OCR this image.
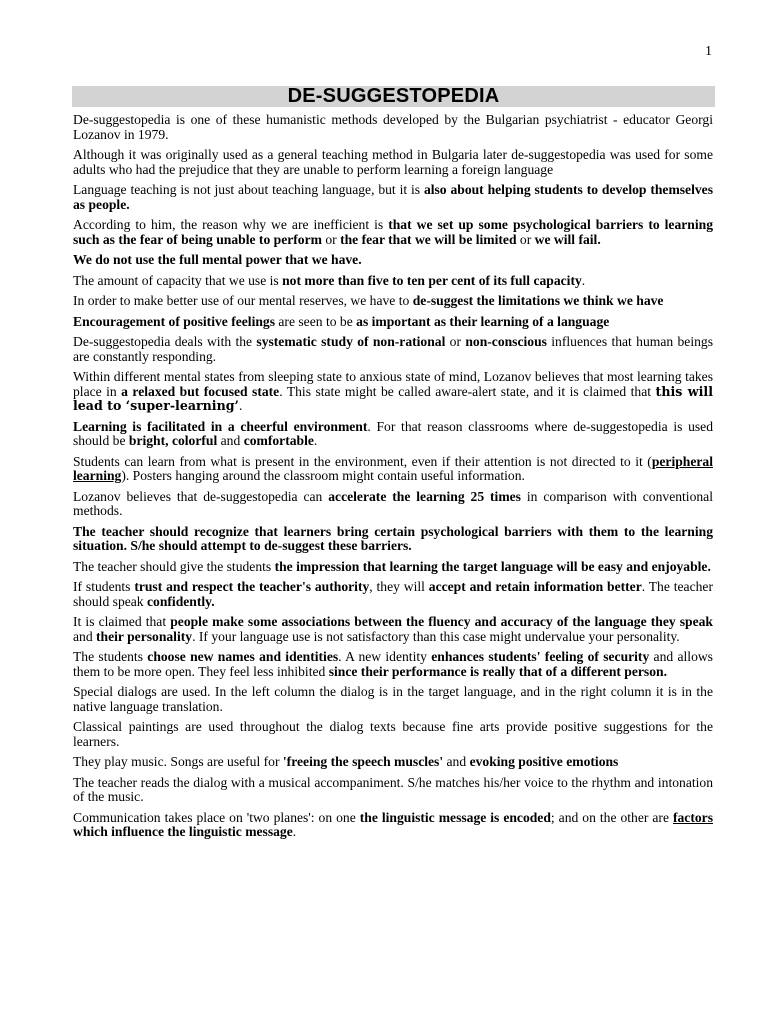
1
DE-SUGGESTOPEDIA

De-suggestopedia is one of these humanistic methods developed by the Bulgarian psychiatrist - educator Georgi Lozanov in 1979.

Although it was originally used as a general teaching method in Bulgaria later de-suggestopedia was used for some adults who had the prejudice that they are unable to perform learning a foreign language

Language teaching is not just about teaching language, but it is also about helping students to develop themselves as people.

According to him, the reason why we are inefficient is that we set up some psychological barriers to learning such as the fear of being unable to perform or the fear that we will be limited or we will fail.

We do not use the full mental power that we have.

The amount of capacity that we use is not more than five to ten per cent of its full capacity.

In order to make better use of our mental reserves, we have to de-suggest the limitations we think we have

Encouragement of positive feelings are seen to be as important as their learning of a language

De-suggestopedia deals with the systematic study of non-rational or non-conscious influences that human beings are constantly responding.

Within different mental states from sleeping state to anxious state of mind, Lozanov believes that most learning takes place in a relaxed but focused state. This state might be called aware-alert state, and it is claimed that this will lead to ‘super-learning’.

Learning is facilitated in a cheerful environment. For that reason classrooms where de-suggestopedia is used should be bright, colorful and comfortable.

Students can learn from what is present in the environment, even if their attention is not directed to it (peripheral learning). Posters hanging around the classroom might contain useful information.

Lozanov believes that de-suggestopedia can accelerate the learning 25 times in comparison with conventional methods.

The teacher should recognize that learners bring certain psychological barriers with them to the learning situation. S/he should attempt to de-suggest these barriers.

The teacher should give the students the impression that learning the target language will be easy and enjoyable.

If students trust and respect the teacher's authority, they will accept and retain information better. The teacher should speak confidently.

It is claimed that people make some associations between the fluency and accuracy of the language they speak and their personality. If your language use is not satisfactory than this case might undervalue your personality.

The students choose new names and identities. A new identity enhances students' feeling of security and allows them to be more open. They feel less inhibited since their performance is really that of a different person.

Special dialogs are used. In the left column the dialog is in the target language, and in the right column it is in the native language translation.

Classical paintings are used throughout the dialog texts because fine arts provide positive suggestions for the learners.

They play music. Songs are useful for 'freeing the speech muscles' and evoking positive emotions

The teacher reads the dialog with a musical accompaniment. S/he matches his/her voice to the rhythm and intonation of the music.

Communication takes place on 'two planes': on one the linguistic message is encoded; and on the other are factors which influence the linguistic message.
